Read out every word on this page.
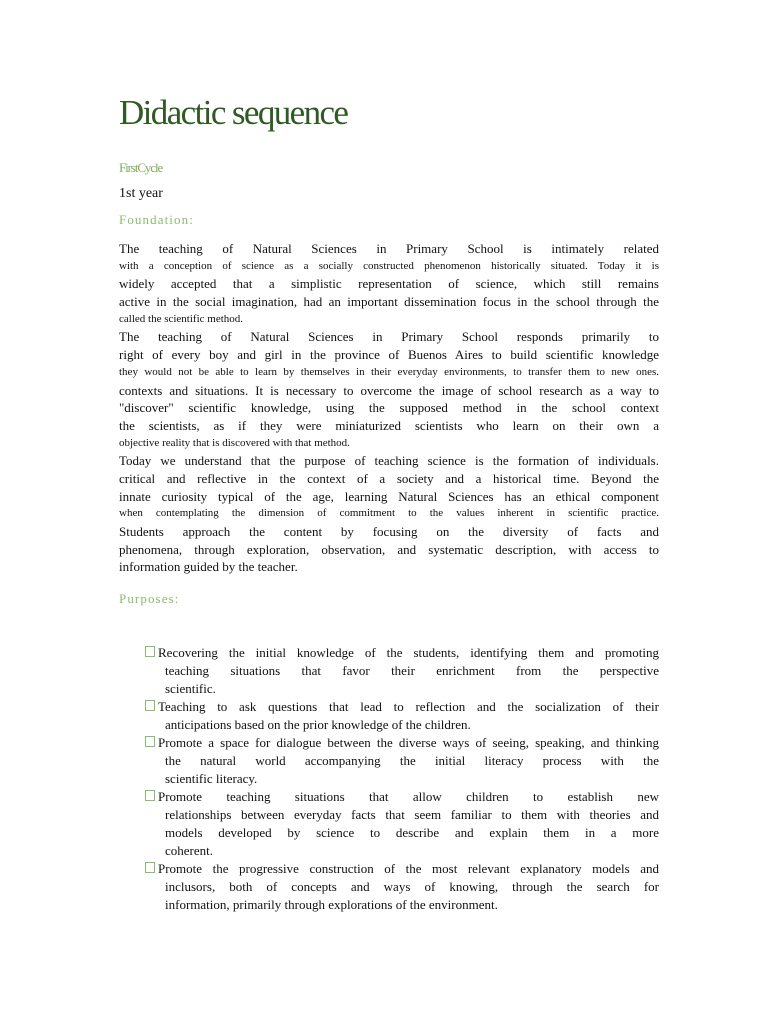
Didactic sequence
FirstCycle
1st year
Foundation:
The teaching of Natural Sciences in Primary School is intimately related
with a conception of science as a socially constructed phenomenon historically situated. Today it is
widely accepted that a simplistic representation of science, which still remains
active in the social imagination, had an important dissemination focus in the school through the
called the scientific method.
The teaching of Natural Sciences in Primary School responds primarily to
right of every boy and girl in the province of Buenos Aires to build scientific knowledge
they would not be able to learn by themselves in their everyday environments, to transfer them to new ones.
contexts and situations. It is necessary to overcome the image of school research as a way to
"discover" scientific knowledge, using the supposed method in the school context
the scientists, as if they were miniaturized scientists who learn on their own a
objective reality that is discovered with that method.
Today we understand that the purpose of teaching science is the formation of individuals.
critical and reflective in the context of a society and a historical time. Beyond the
innate curiosity typical of the age, learning Natural Sciences has an ethical component
when contemplating the dimension of commitment to the values inherent in scientific practice.
Students approach the content by focusing on the diversity of facts and
phenomena, through exploration, observation, and systematic description, with access to
information guided by the teacher.
Purposes:
Recovering the initial knowledge of the students, identifying them and promoting
teaching situations that favor their enrichment from the perspective
scientific.
Teaching to ask questions that lead to reflection and the socialization of their
anticipations based on the prior knowledge of the children.
Promote a space for dialogue between the diverse ways of seeing, speaking, and thinking
the natural world accompanying the initial literacy process with the
scientific literacy.
Promote teaching situations that allow children to establish new
relationships between everyday facts that seem familiar to them with theories and
models developed by science to describe and explain them in a more
coherent.
Promote the progressive construction of the most relevant explanatory models and
inclusors, both of concepts and ways of knowing, through the search for
information, primarily through explorations of the environment.
